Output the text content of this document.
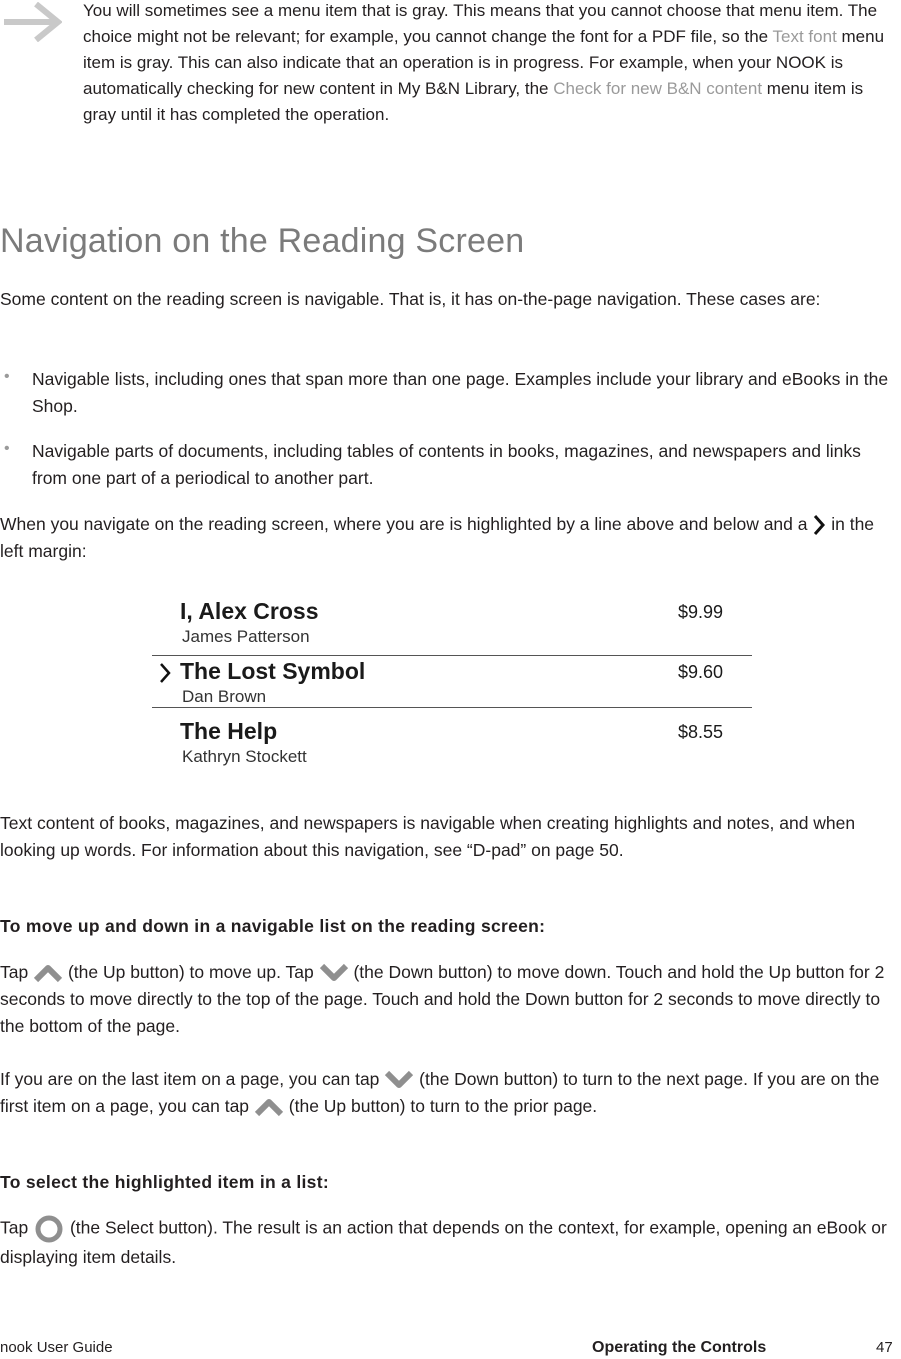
You will sometimes see a menu item that is gray. This means that you cannot choose that menu item. The choice might not be relevant; for example, you cannot change the font for a PDF file, so the Text font menu item is gray. This can also indicate that an operation is in progress. For example, when your NOOK is automatically checking for new content in My B&N Library, the Check for new B&N content menu item is gray until it has completed the operation.
Navigation on the Reading Screen
Some content on the reading screen is navigable. That is, it has on-the-page navigation. These cases are:
• Navigable lists, including ones that span more than one page. Examples include your library and eBooks in the Shop.
• Navigable parts of documents, including tables of contents in books, magazines, and newspapers and links from one part of a periodical to another part.
When you navigate on the reading screen, where you are is highlighted by a line above and below and a  in the left margin:
I, Alex Cross
James Patterson
$9.99
The Lost Symbol
Dan Brown
$9.60
The Help
Kathryn Stockett
$8.55
Text content of books, magazines, and newspapers is navigable when creating highlights and notes, and when looking up words. For information about this navigation, see “D-pad” on page 50.
To move up and down in a navigable list on the reading screen:
Tap  (the Up button) to move up. Tap  (the Down button) to move down. Touch and hold the Up button for 2 seconds to move directly to the top of the page. Touch and hold the Down button for 2 seconds to move directly to the bottom of the page.
If you are on the last item on a page, you can tap  (the Down button) to turn to the next page. If you are on the first item on a page, you can tap  (the Up button) to turn to the prior page.
To select the highlighted item in a list:
Tap  (the Select button). The result is an action that depends on the context, for example, opening an eBook or displaying item details.
nook User Guide	Operating the Controls	47
